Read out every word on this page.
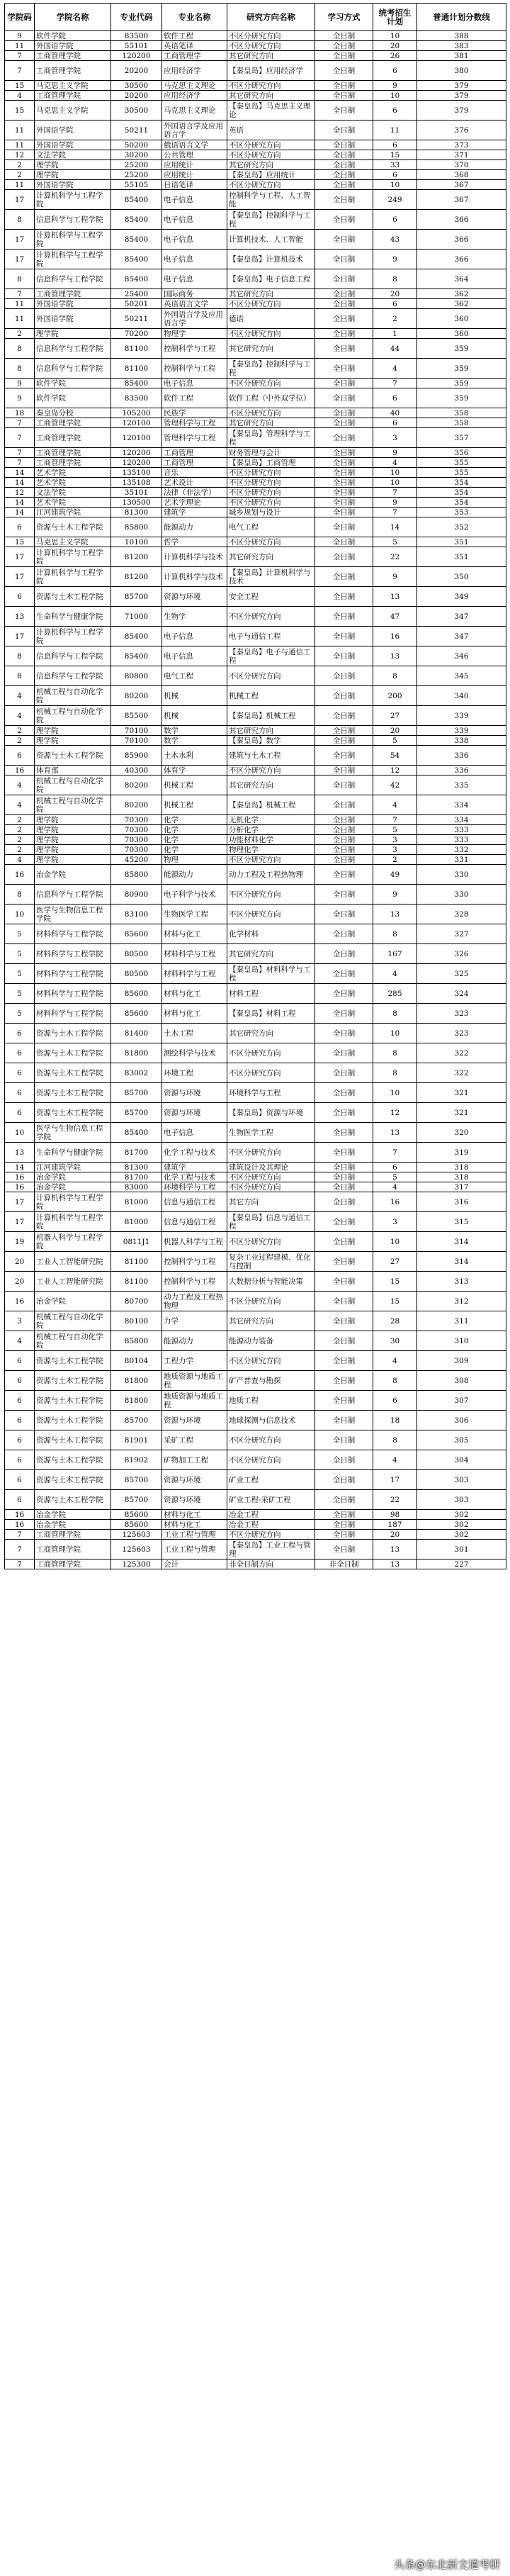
学院码	学院名称	专业代码	专业名称	研究方向名称	学习方式	统考招生计划	普通计划分数线
9	软件学院	83500	软件工程	不区分研究方向	全日制	10	388
11	外国语学院	55101	英语笔译	不区分研究方向	全日制	20	383
7	工商管理学院	120200	工商管理学	其它研究方向	全日制	26	381
7	工商管理学院	20200	应用经济学	【秦皇岛】应用经济学	全日制	6	380
15	马克思主义学院	30500	马克思主义理论	不区分研究方向	全日制	9	379
4	工商管理学院	20200	应用经济学	其它研究方向	全日制	10	379
15	马克思主义学院	30500	马克思主义理论	【秦皇岛】马克思主义理论	全日制	6	379
11	外国语学院	50211	外国语言学及应用语言学	英语	全日制	11	376
11	外国语学院	50200	俄语语言文学	不区分研究方向	全日制	6	373
12	文法学院	30200	公共管理	不区分研究方向	全日制	15	371
2	理学院	25200	应用统计	其它研究方向	全日制	33	370
2	理学院	25200	应用统计	【秦皇岛】应用统计	全日制	6	368
11	外国语学院	55105	日语笔译	不区分研究方向	全日制	10	367
17	计算机科学与工程学院	85400	电子信息	控制科学与工程、人工智能	全日制	249	367
8	信息科学与工程学院	85400	电子信息	【秦皇岛】控制科学与工程	全日制	6	366
17	计算机科学与工程学院	85400	电子信息	计算机技术、人工智能	全日制	43	366
17	计算机科学与工程学院	85400	电子信息	【秦皇岛】计算机技术	全日制	9	366
8	信息科学与工程学院	85400	电子信息	【秦皇岛】电子信息工程	全日制	8	364
7	工商管理学院	25400	国际商务	其它研究方向	全日制	20	362
11	外国语学院	50201	英语语言文学	不区分研究方向	全日制	6	362
11	外国语学院	50211	外国语言学及应用语言学	德语	全日制	2	360
2	理学院	70200	物理学	不区分研究方向	全日制	1	360
8	信息科学与工程学院	81100	控制科学与工程	其它研究方向	全日制	44	359
8	信息科学与工程学院	81100	控制科学与工程	【秦皇岛】控制科学与工程	全日制	4	359
9	软件学院	85400	电子信息	不区分研究方向	全日制	7	359
9	软件学院	83500	软件工程	软件工程（中外双学位）	全日制	6	359
18	秦皇岛分校	105200	民族学	不区分研究方向	全日制	40	358
7	工商管理学院	120100	管理科学与工程	其它研究方向	全日制	6	358
7	工商管理学院	120100	管理科学与工程	【秦皇岛】管理科学与工程	全日制	3	357
7	工商管理学院	120200	工商管理	财务管理与会计	全日制	9	356
7	工商管理学院	120200	工商管理	【秦皇岛】工商管理	全日制	4	355
14	艺术学院	135100	音乐	不区分研究方向	全日制	10	355
14	艺术学院	135108	艺术设计	不区分研究方向	全日制	10	354
12	文法学院	35101	法律（非法学）	不区分研究方向	全日制	7	354
14	艺术学院	130500	艺术学理论	不区分研究方向	全日制	9	354
14	江河建筑学院	81300	建筑学	城乡规划与设计	全日制	7	353
6	资源与土木工程学院	85800	能源动力	电气工程	全日制	14	352
15	马克思主义学院	10100	哲学	不区分研究方向	全日制	5	351
17	计算机科学与工程学院	81200	计算机科学与技术	其它研究方向	全日制	22	351
17	计算机科学与工程学院	81200	计算机科学与技术	【秦皇岛】计算机科学与技术	全日制	9	350
6	资源与土木工程学院	85700	资源与环境	安全工程	全日制	13	349
13	生命科学与健康学院	71000	生物学	不区分研究方向	全日制	47	347
17	计算机科学与工程学院	85400	电子信息	电子与通信工程	全日制	16	347
8	信息科学与工程学院	85400	电子信息	【秦皇岛】电子与通信工程	全日制	13	346
8	信息科学与工程学院	80800	电气工程	不区分研究方向	全日制	8	345
4	机械工程与自动化学院	80200	机械	机械工程	全日制	200	340
4	机械工程与自动化学院	85500	机械	【秦皇岛】机械工程	全日制	27	339
2	理学院	70100	数学	其它研究方向	全日制	20	339
2	理学院	70100	数学	【秦皇岛】数学	全日制	5	338
6	资源与土木工程学院	85900	土木水利	建筑与土木工程	全日制	54	336
16	体育部	40300	体育学	不区分研究方向	全日制	12	336
4	机械工程与自动化学院	80200	机械工程	其它研究方向	全日制	42	335
4	机械工程与自动化学院	80200	机械工程	【秦皇岛】机械工程	全日制	4	334
2	理学院	70300	化学	无机化学	全日制	7	334
2	理学院	70300	化学	分析化学	全日制	5	333
2	理学院	70300	化学	功能材料化学	全日制	3	333
2	理学院	70300	化学	物理化学	全日制	3	332
4	理学院	45200	物理	不区分研究方向	全日制	2	331
16	冶金学院	85800	能源动力	动力工程及工程热物理	全日制	49	330
8	信息科学与工程学院	80900	电子科学与技术	不区分研究方向	全日制	9	330
10	医学与生物信息工程学院	83100	生物医学工程	不区分研究方向	全日制	13	328
5	材料科学与工程学院	85600	材料与化工	化学材料	全日制	8	327
5	材料科学与工程学院	80500	材料科学与工程	其它研究方向	全日制	167	326
5	材料科学与工程学院	80500	材料科学与工程	【秦皇岛】材料科学与工程	全日制	4	325
5	材料科学与工程学院	85600	材料与化工	材料工程	全日制	285	324
5	材料科学与工程学院	85600	材料与化工	【秦皇岛】材料工程	全日制	8	323
6	资源与土木工程学院	81400	土木工程	其它研究方向	全日制	10	323
6	资源与土木工程学院	81800	测绘科学与技术	不区分研究方向	全日制	8	322
6	资源与土木工程学院	83002	环境工程	不区分研究方向	全日制	8	322
6	资源与土木工程学院	85700	资源与环境	环境科学与工程	全日制	10	321
6	资源与土木工程学院	85700	资源与环境	【秦皇岛】资源与环境	全日制	12	321
10	医学与生物信息工程学院	85400	电子信息	生物医学工程	全日制	13	320
13	生命科学与健康学院	81700	化学工程与技术	不区分研究方向	全日制	7	319
14	江河建筑学院	81300	建筑学	建筑设计及其理论	全日制	6	318
16	冶金学院	81700	化学工程与技术	不区分研究方向	全日制	5	318
16	冶金学院	83000	环境科学与工程	不区分研究方向	全日制	4	317
17	计算机科学与工程学院	81000	信息与通信工程	其它方向	全日制	16	316
17	计算机科学与工程学院	81000	信息与通信工程	【秦皇岛】信息与通信工程	全日制	3	315
19	机器人科学与工程学院	0811J1	机器人科学与工程	不区分研究方向	全日制	10	314
20	工业人工智能研究院	81100	控制科学与工程	复杂工业过程建模、优化与控制	全日制	27	314
20	工业人工智能研究院	81100	控制科学与工程	大数据分析与智能决策	全日制	15	313
16	冶金学院	80700	动力工程及工程热物理	不区分研究方向	全日制	15	312
3	机械工程与自动化学院	80100	力学	其它研究方向	全日制	28	311
4	机械工程与自动化学院	85800	能源动力	能源动力装备	全日制	30	310
6	资源与土木工程学院	80104	工程力学	不区分研究方向	全日制	4	309
6	资源与土木工程学院	81800	地质资源与地质工程	矿产普查与勘探	全日制	8	308
6	资源与土木工程学院	81800	地质资源与地质工程	地质工程	全日制	6	307
6	资源与土木工程学院	85700	资源与环境	地球探测与信息技术	全日制	18	306
6	资源与土木工程学院	81901	采矿工程	不区分研究方向	全日制	8	305
6	资源与土木工程学院	81902	矿物加工工程	不区分研究方向	全日制	4	304
6	资源与土木工程学院	85700	资源与环境	矿业工程	全日制	17	303
6	资源与土木工程学院	85700	资源与环境	矿业工程-采矿工程	全日制	22	303
16	冶金学院	85600	材料与化工	冶金工程	全日制	98	302
16	冶金学院	85600	材料与化工	冶金工程	全日制	187	302
7	工商管理学院	125603	工业工程与管理	不区分研究方向	全日制	20	302
7	工商管理学院	125603	工业工程与管理	【秦皇岛】工业工程与管理	全日制	13	301
7	工商管理学院	125300	会计	非全日制方向	非全日制	13	227
头条@东北新文道考研
